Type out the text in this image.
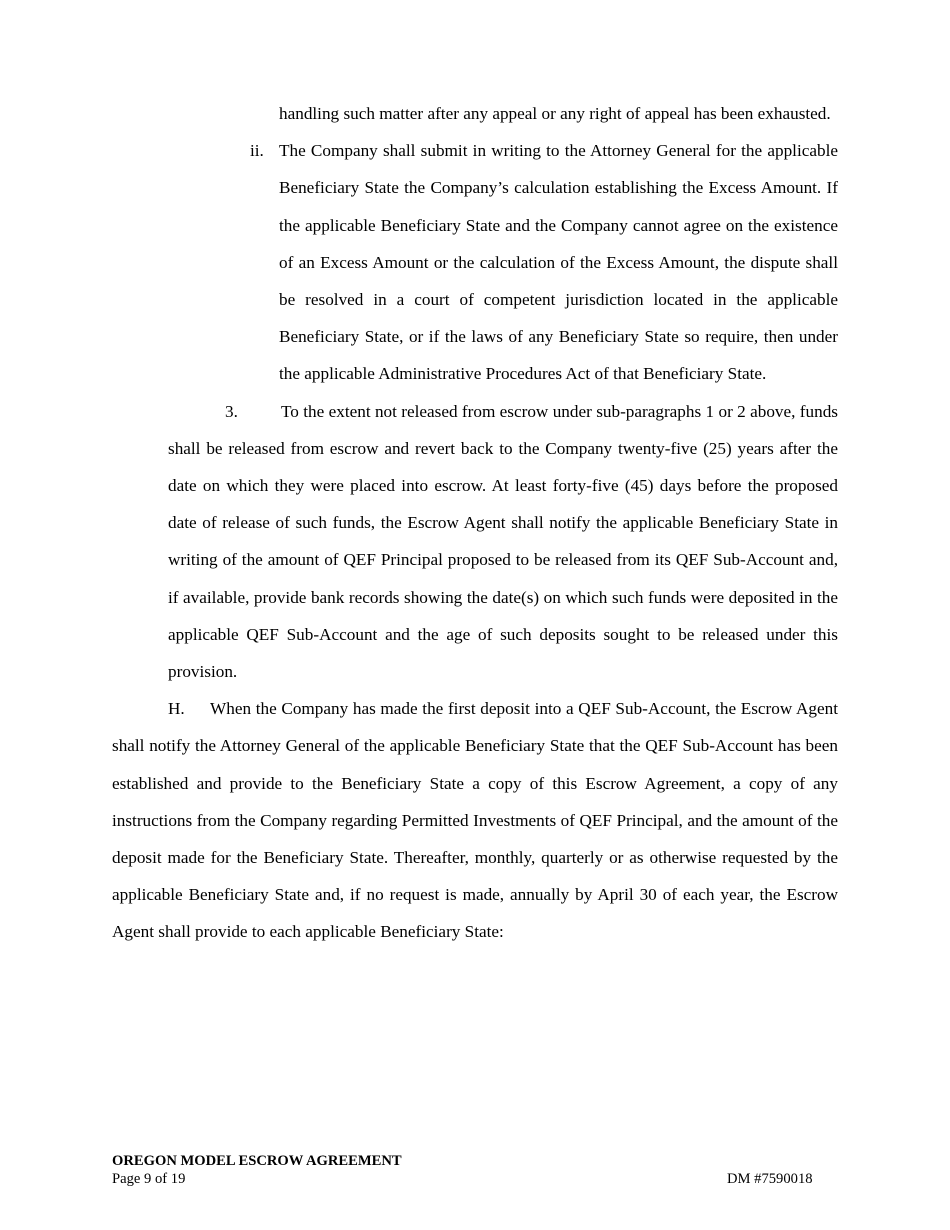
handling such matter after any appeal or any right of appeal has been exhausted.

ii. The Company shall submit in writing to the Attorney General for the applicable Beneficiary State the Company’s calculation establishing the Excess Amount. If the applicable Beneficiary State and the Company cannot agree on the existence of an Excess Amount or the calculation of the Excess Amount, the dispute shall be resolved in a court of competent jurisdiction located in the applicable Beneficiary State, or if the laws of any Beneficiary State so require, then under the applicable Administrative Procedures Act of that Beneficiary State.

3.	To the extent not released from escrow under sub-paragraphs 1 or 2 above, funds shall be released from escrow and revert back to the Company twenty-five (25) years after the date on which they were placed into escrow. At least forty-five (45) days before the proposed date of release of such funds, the Escrow Agent shall notify the applicable Beneficiary State in writing of the amount of QEF Principal proposed to be released from its QEF Sub-Account and, if available, provide bank records showing the date(s) on which such funds were deposited in the applicable QEF Sub-Account and the age of such deposits sought to be released under this provision.

H. When the Company has made the first deposit into a QEF Sub-Account, the Escrow Agent shall notify the Attorney General of the applicable Beneficiary State that the QEF Sub-Account has been established and provide to the Beneficiary State a copy of this Escrow Agreement, a copy of any instructions from the Company regarding Permitted Investments of QEF Principal, and the amount of the deposit made for the Beneficiary State. Thereafter, monthly, quarterly or as otherwise requested by the applicable Beneficiary State and, if no request is made, annually by April 30 of each year, the Escrow Agent shall provide to each applicable Beneficiary State:

OREGON MODEL ESCROW AGREEMENT
Page 9 of 19	DM #7590018
